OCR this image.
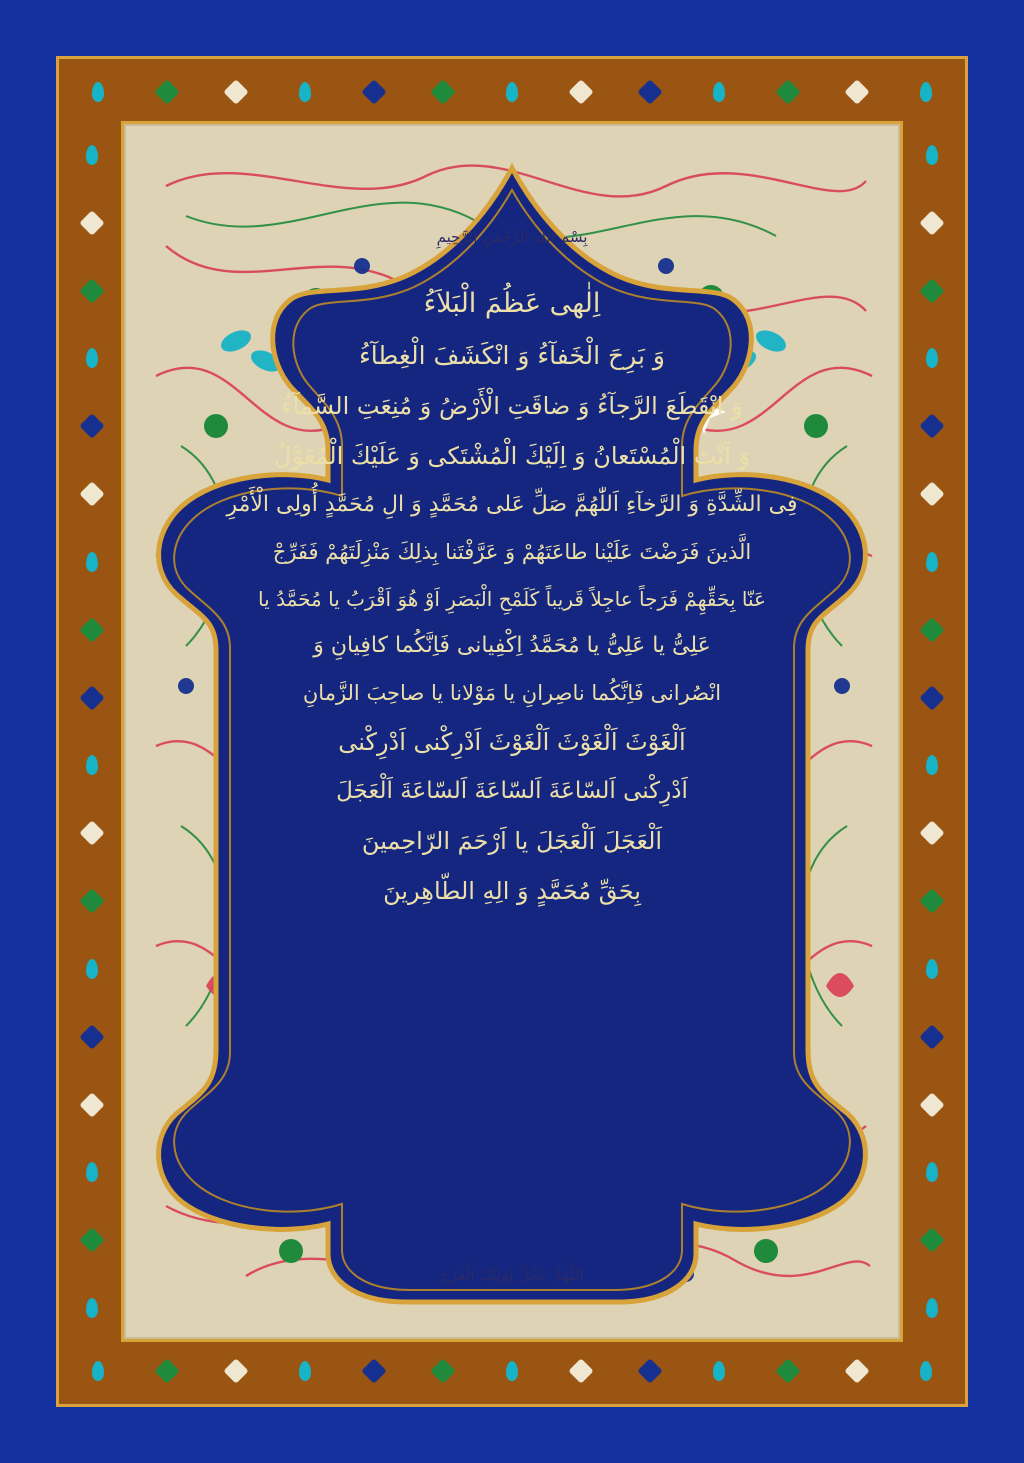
بِسْمِ اللهِ الرَّحْمٰنِ الرَّحِيمِ
اِلٰهى عَظُمَ الْبَلاَءُ
وَ بَرِحَ الْخَفآءُ وَ انْكَشَفَ الْغِطآءُ
وَ انْقَطَعَ الرَّجآءُ وَ ضاقَتِ الْأَرْضُ وَ مُنِعَتِ السَّمآءُ
وَ اَنْتَ الْمُسْتَعانُ وَ اِلَيْكَ الْمُشْتَكى وَ عَلَيْكَ الْمُعَوَّلُ
فِى الشِّدَّةِ وَ الرَّخآءِ اَللّٰهُمَّ صَلِّ عَلى مُحَمَّدٍ وَ الِ مُحَمَّدٍ أُولِى الْأَمْرِ
الَّذينَ فَرَضْتَ عَلَيْنا طاعَتَهُمْ وَ عَرَّفْتَنا بِذلِكَ مَنْزِلَتَهُمْ فَفَرِّجْ
عَنّا بِحَقِّهِمْ فَرَجاً عاجِلاً قَريباً كَلَمْحِ الْبَصَرِ اَوْ هُوَ اَقْرَبُ يا مُحَمَّدُ يا
عَلِىُّ يا عَلِىُّ يا مُحَمَّدُ اِكْفِيانى فَاِنَّكُما كافِيانِ وَ
انْصُرانى فَاِنَّكُما ناصِرانِ يا مَوْلانا يا صاحِبَ الزَّمانِ
اَلْغَوْثَ اَلْغَوْثَ اَلْغَوْثَ اَدْرِكْنى اَدْرِكْنى
اَدْرِكْنى اَلسّاعَةَ اَلسّاعَةَ اَلسّاعَةَ اَلْعَجَلَ
اَلْعَجَلَ اَلْعَجَلَ يا اَرْحَمَ الرّاحِمينَ
بِحَقِّ مُحَمَّدٍ وَ الِهِ الطّاهِرينَ
اَللّٰهُمَّ عَجِّلْ لِوَلِيِّكَ الْفَرَج
